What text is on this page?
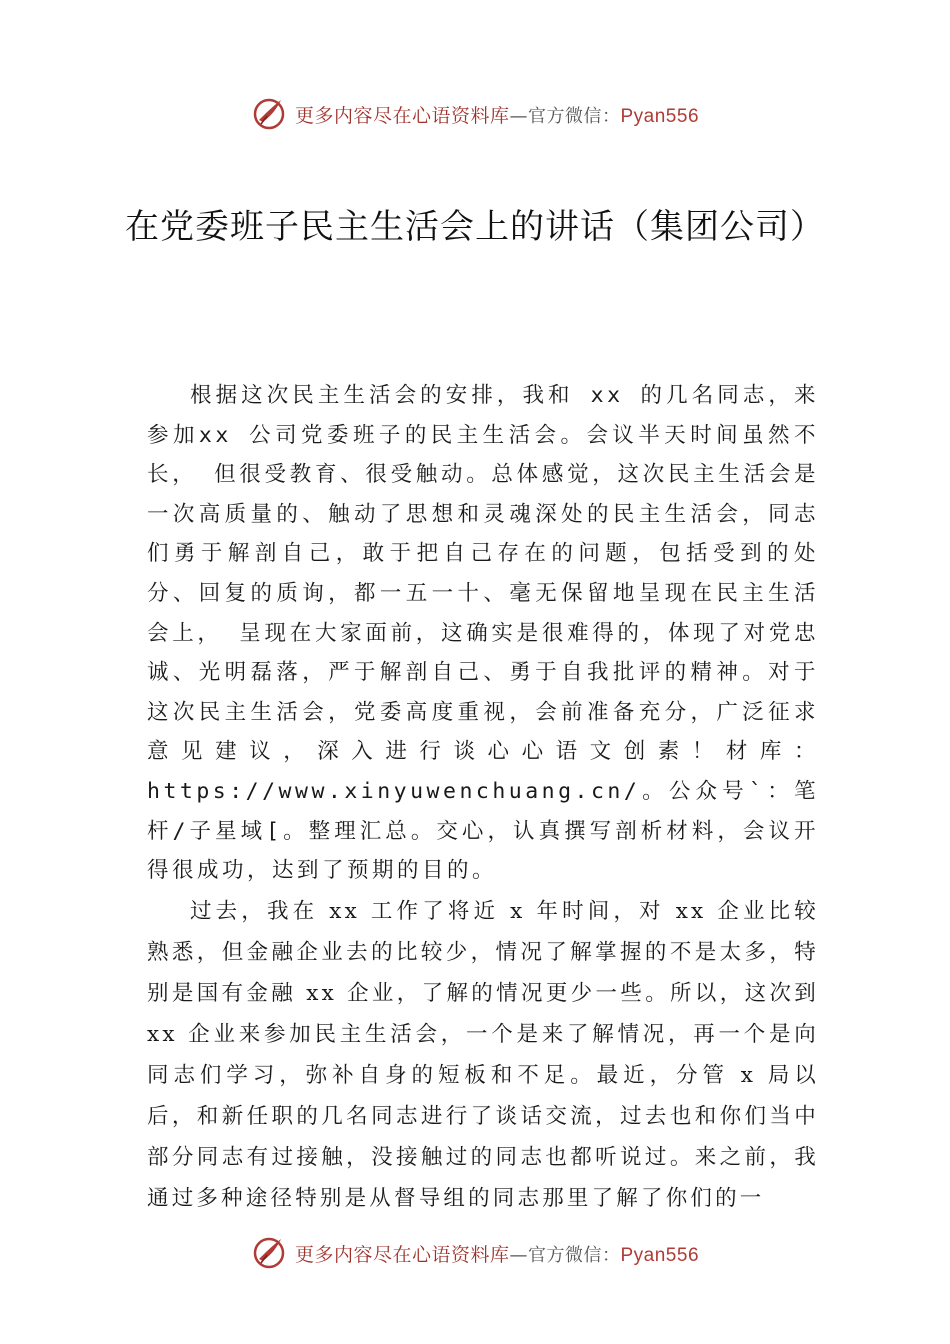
更多内容尽在心语资料库—官方微信：Pyan556
在党委班子民主生活会上的讲话（集团公司）

根据这次民主生活会的安排，我和 xx 的几名同志，来参加xx 公司党委班子的民主生活会。会议半天时间虽然不长， 但很受教育、很受触动。总体感觉，这次民主生活会是一次高质量的、触动了思想和灵魂深处的民主生活会，同志们勇于解剖自己，敢于把自己存在的问题，包括受到的处分、回复的质询，都一五一十、毫无保留地呈现在民主生活会上， 呈现在大家面前，这确实是很难得的，体现了对党忠诚、光明磊落，严于解剖自己、勇于自我批评的精神。对于这次民主生活会，党委高度重视，会前准备充分，广泛征求意见建议，深入进行谈心心语文创素！材库：https://www.xinyuwenchuang.cn/。公众号`：笔杆/子星域[。整理汇总。交心，认真撰写剖析材料，会议开得很成功，达到了预期的目的。

过去，我在 xx 工作了将近 x 年时间，对 xx 企业比较熟悉，但金融企业去的比较少，情况了解掌握的不是太多，特别是国有金融 xx 企业，了解的情况更少一些。所以，这次到 xx 企业来参加民主生活会，一个是来了解情况，再一个是向同志们学习，弥补自身的短板和不足。最近，分管 x 局以后，和新任职的几名同志进行了谈话交流，过去也和你们当中部分同志有过接触，没接触过的同志也都听说过。来之前，我 通过多种途径特别是从督导组的同志那里了解了你们的一

更多内容尽在心语资料库—官方微信：Pyan556
